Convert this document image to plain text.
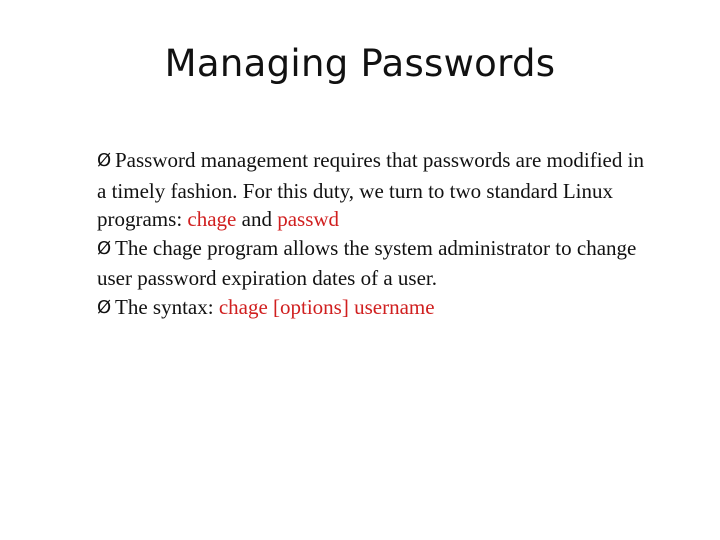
Managing Passwords

Ø Password management requires that passwords are modified in a timely fashion. For this duty, we turn to two standard Linux programs: chage and passwd

Ø The chage program allows the system administrator to change user password expiration dates of a user.

Ø The syntax: chage [options] username
